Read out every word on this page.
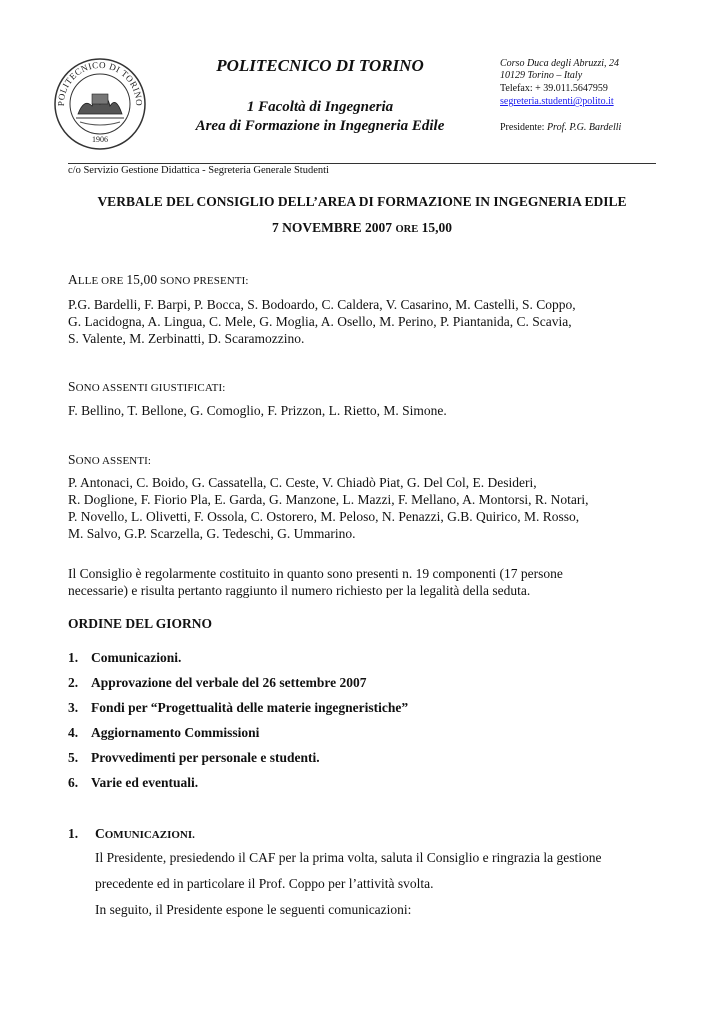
POLITECNICO DI TORINO
1906
POLITECNICO DI TORINO
1 Facoltà di Ingegneria
Area di Formazione in Ingegneria Edile
Corso Duca degli Abruzzi, 24
10129 Torino – Italy
Telefax: + 39.011.5647959
segreteria.studenti@polito.it
Presidente: Prof. P.G. Bardelli
c/o Servizio Gestione Didattica - Segreteria Generale Studenti
VERBALE DEL CONSIGLIO DELL’AREA DI FORMAZIONE IN INGEGNERIA EDILE
7 NOVEMBRE 2007 ORE 15,00
ALLE ORE 15,00 SONO PRESENTI:
P.G. Bardelli, F. Barpi, P. Bocca, S. Bodoardo, C. Caldera, V. Casarino, M. Castelli, S. Coppo,
G. Lacidogna, A. Lingua, C. Mele, G. Moglia, A. Osello, M. Perino, P. Piantanida, C. Scavia,
S. Valente, M. Zerbinatti, D. Scaramozzino.
SONO ASSENTI GIUSTIFICATI:
F. Bellino, T. Bellone, G. Comoglio, F. Prizzon, L. Rietto, M. Simone.
SONO ASSENTI:
P. Antonaci, C. Boido, G. Cassatella, C. Ceste, V. Chiadò Piat, G. Del Col, E. Desideri,
R. Doglione, F. Fiorio Pla, E. Garda, G. Manzone, L. Mazzi, F. Mellano, A. Montorsi, R. Notari,
P. Novello, L. Olivetti, F. Ossola, C. Ostorero, M. Peloso, N. Penazzi, G.B. Quirico, M. Rosso,
M. Salvo, G.P. Scarzella, G. Tedeschi, G. Ummarino.
Il Consiglio è regolarmente costituito in quanto sono presenti n. 19 componenti (17 persone
necessarie) e risulta pertanto raggiunto il numero richiesto per la legalità della seduta.
ORDINE DEL GIORNO
1. Comunicazioni.
2. Approvazione del verbale del 26 settembre 2007
3. Fondi per “Progettualità delle materie ingegneristiche”
4. Aggiornamento Commissioni
5. Provvedimenti per personale e studenti.
6. Varie ed eventuali.
1. COMUNICAZIONI.
Il Presidente, presiedendo il CAF per la prima volta, saluta il Consiglio e ringrazia la gestione
precedente ed in particolare il Prof. Coppo per l’attività svolta.
In seguito, il Presidente espone le seguenti comunicazioni:
